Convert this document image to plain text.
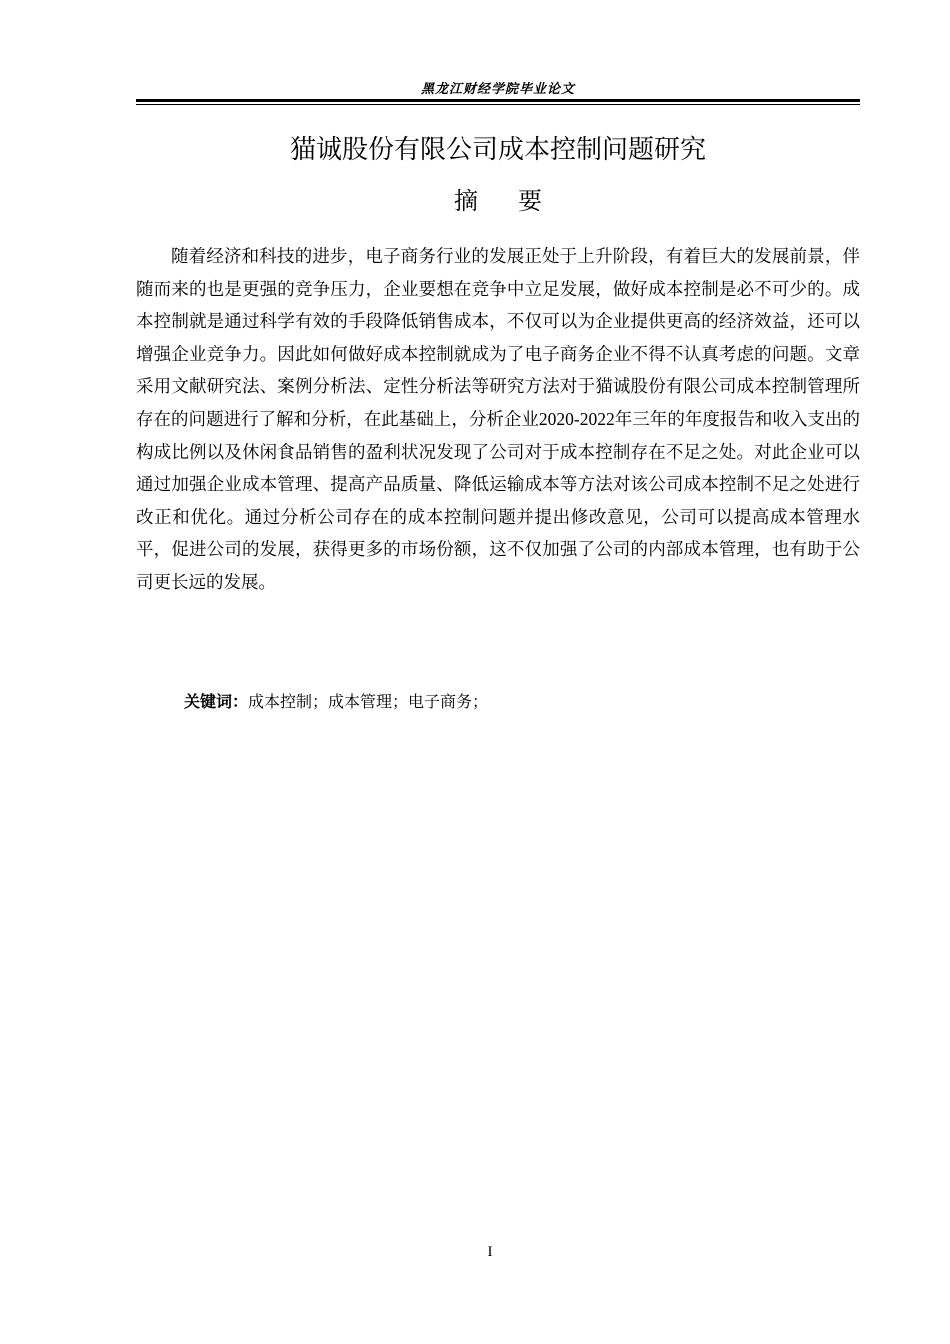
黑龙江财经学院毕业论文
猫诚股份有限公司成本控制问题研究
摘要

随着经济和科技的进步，电子商务行业的发展正处于上升阶段，有着巨大的发展前景，伴随而来的也是更强的竞争压力，企业要想在竞争中立足发展，做好成本控制是必不可少的。成本控制就是通过科学有效的手段降低销售成本，不仅可以为企业提供更高的经济效益，还可以增强企业竞争力。因此如何做好成本控制就成为了电子商务企业不得不认真考虑的问题。文章采用文献研究法、案例分析法、定性分析法等研究方法对于猫诚股份有限公司成本控制管理所存在的问题进行了解和分析，在此基础上，分析企业2020-2022年三年的年度报告和收入支出的构成比例以及休闲食品销售的盈利状况发现了公司对于成本控制存在不足之处。对此企业可以通过加强企业成本管理、提高产品质量、降低运输成本等方法对该公司成本控制不足之处进行改正和优化。通过分析公司存在的成本控制问题并提出修改意见，公司可以提高成本管理水平，促进公司的发展，获得更多的市场份额，这不仅加强了公司的内部成本管理，也有助于公司更长远的发展。

关键词：成本控制；成本管理；电子商务；
I
